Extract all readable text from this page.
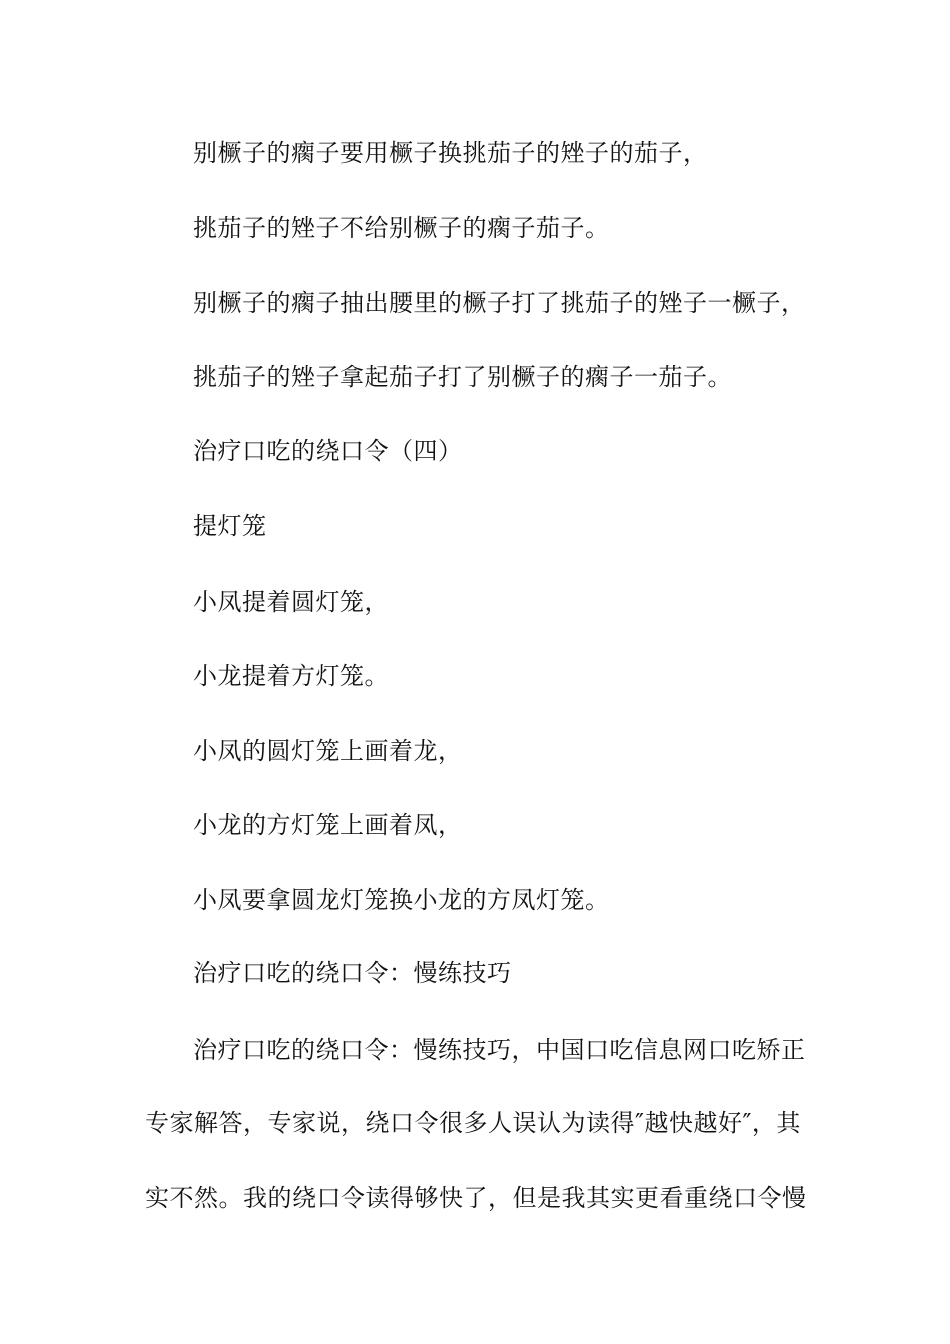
别橛子的瘸子要用橛子换挑茄子的矬子的茄子，
挑茄子的矬子不给别橛子的瘸子茄子。
别橛子的瘸子抽出腰里的橛子打了挑茄子的矬子一橛子，
挑茄子的矬子拿起茄子打了别橛子的瘸子一茄子。
治疗口吃的绕口令（四）
提灯笼
小凤提着圆灯笼，
小龙提着方灯笼。
小凤的圆灯笼上画着龙，
小龙的方灯笼上画着凤，
小凤要拿圆龙灯笼换小龙的方凤灯笼。
治疗口吃的绕口令：慢练技巧
治疗口吃的绕口令：慢练技巧，中国口吃信息网口吃矫正
专家解答，专家说，绕口令很多人误认为读得″越快越好″，其
实不然。我的绕口令读得够快了，但是我其实更看重绕口令慢
